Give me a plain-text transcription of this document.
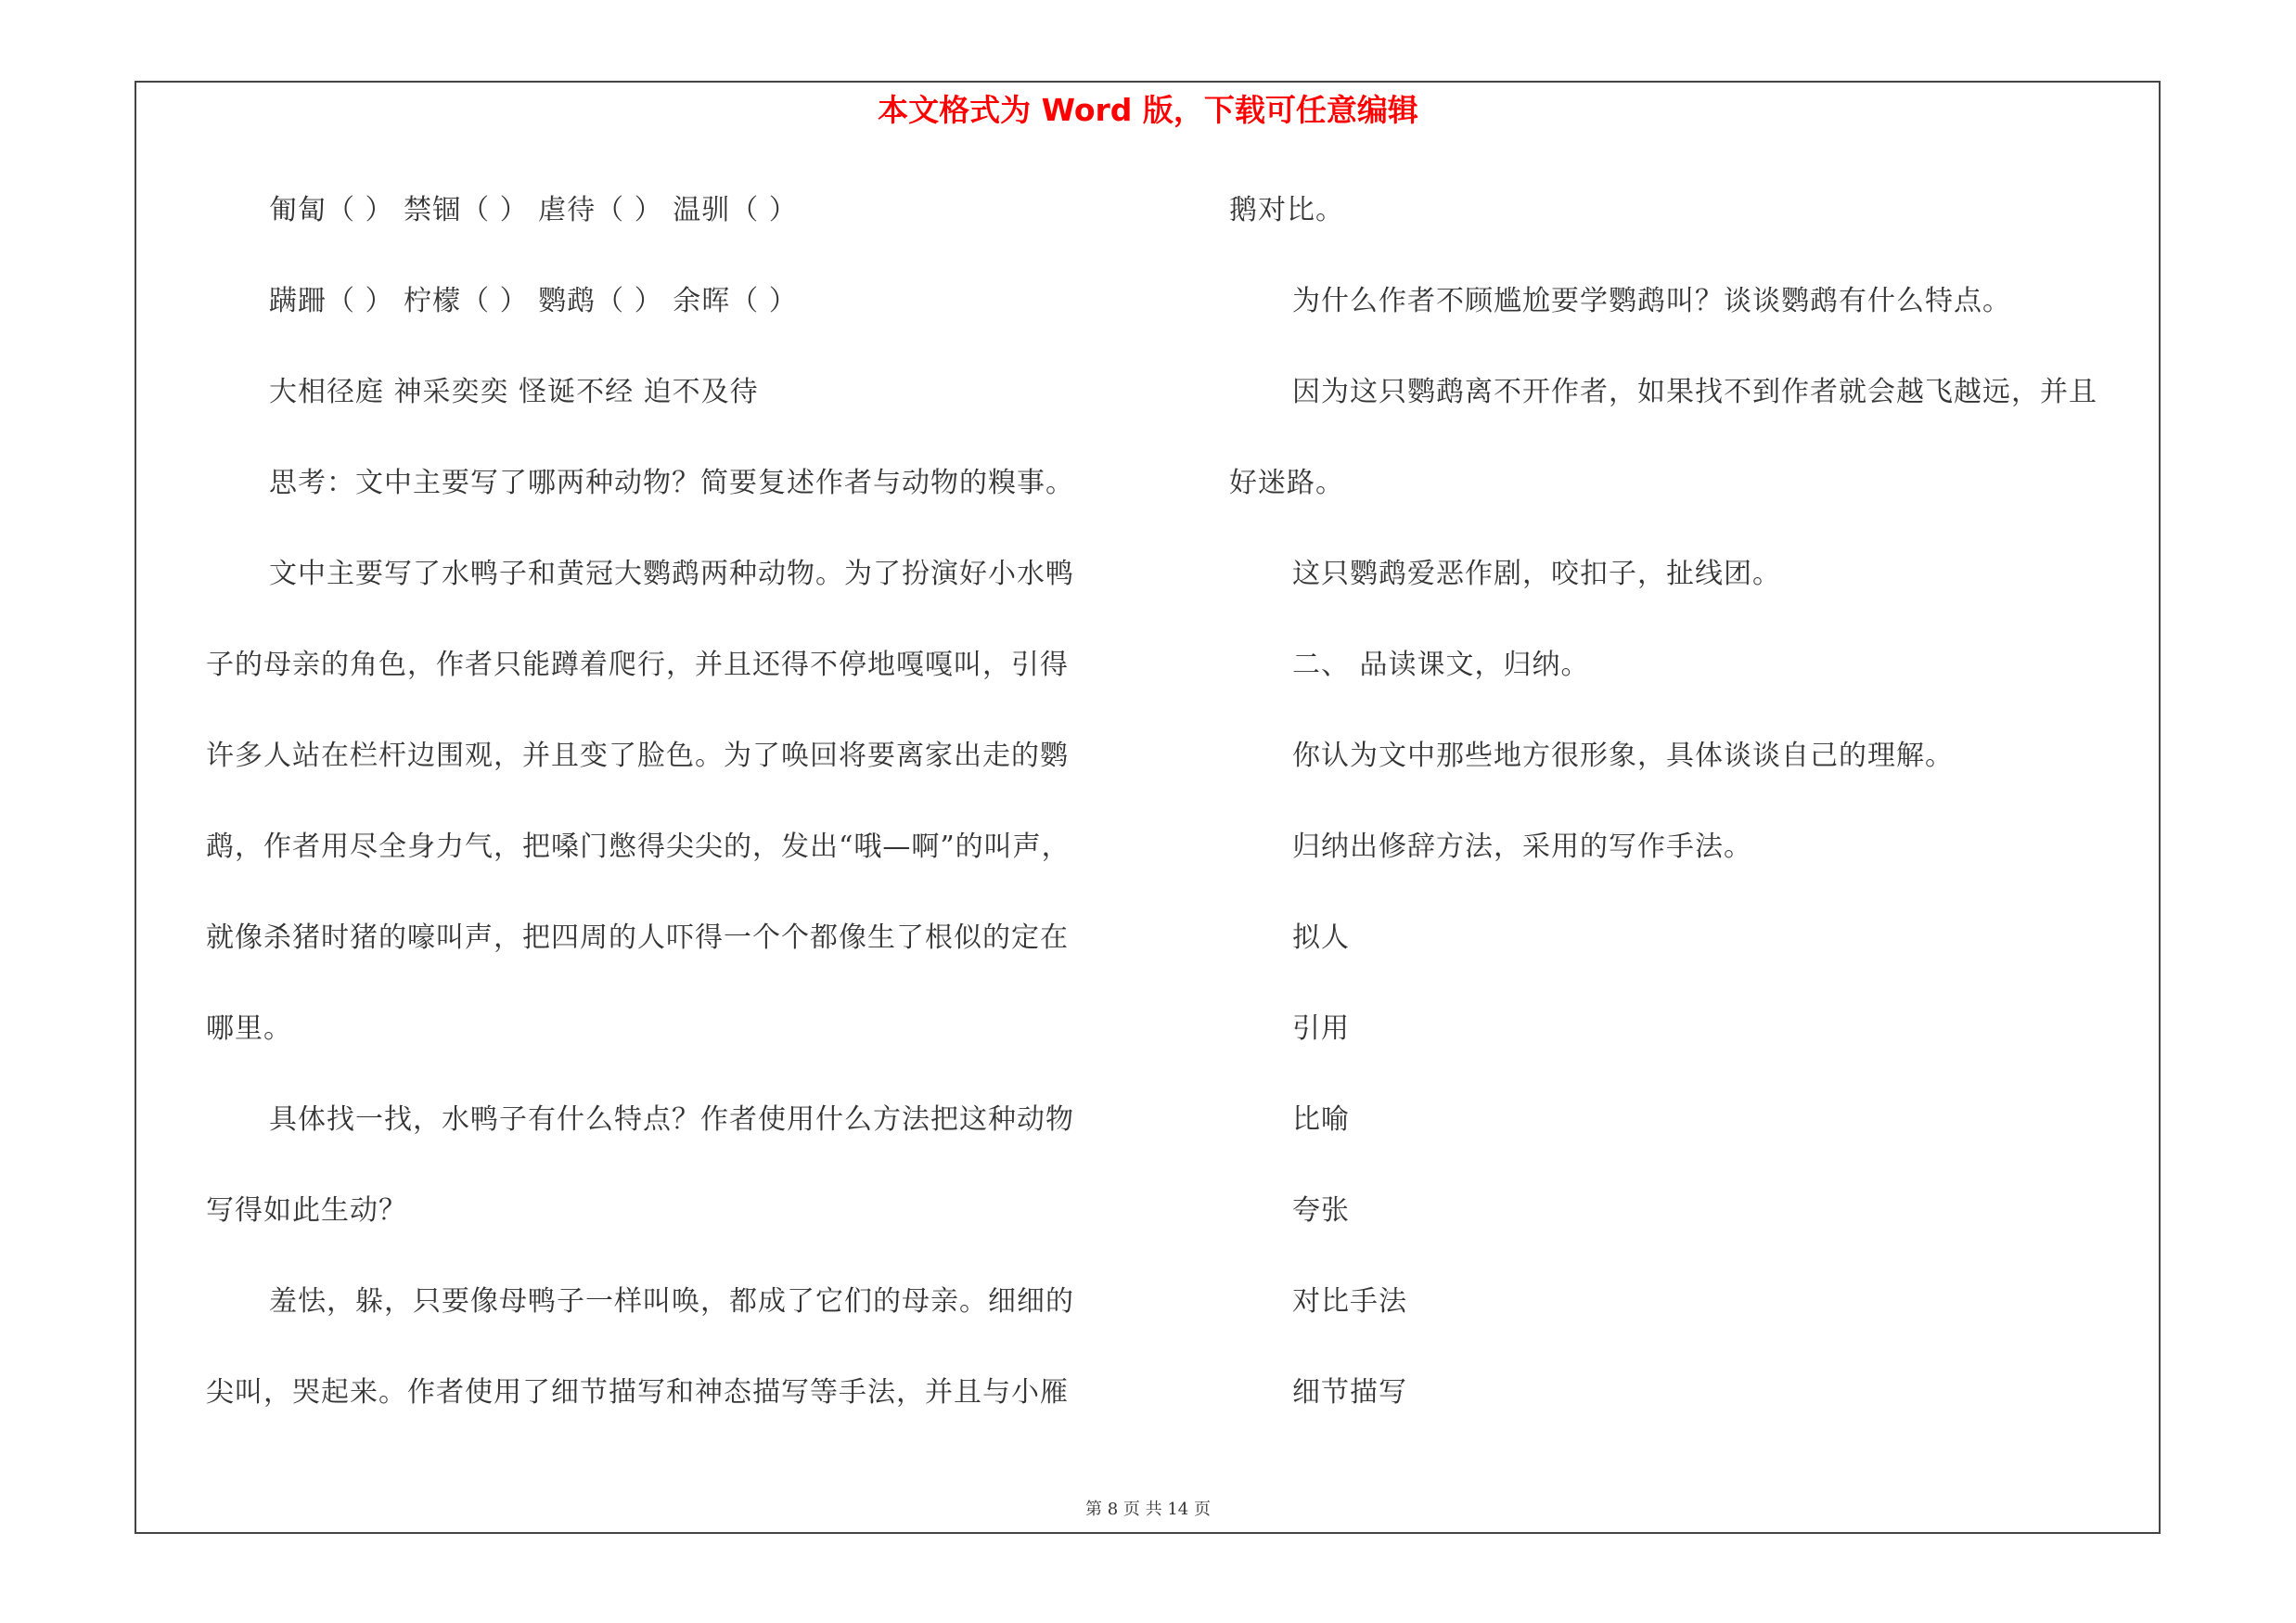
本文格式为 Word 版，下载可任意编辑
匍匐（ ） 禁锢（ ） 虐待（ ） 温驯（ ）
蹒跚（ ） 柠檬（ ） 鹦鹉（ ） 余晖（ ）
大相径庭 神采奕奕 怪诞不经 迫不及待
思考：文中主要写了哪两种动物？简要复述作者与动物的糗事。
文中主要写了水鸭子和黄冠大鹦鹉两种动物。为了扮演好小水鸭
子的母亲的角色，作者只能蹲着爬行，并且还得不停地嘎嘎叫，引得
许多人站在栏杆边围观，并且变了脸色。为了唤回将要离家出走的鹦
鹉，作者用尽全身力气，把嗓门憋得尖尖的，发出“哦—啊”的叫声，
就像杀猪时猪的嚎叫声，把四周的人吓得一个个都像生了根似的定在
哪里。
具体找一找，水鸭子有什么特点？作者使用什么方法把这种动物
写得如此生动？
羞怯，躲，只要像母鸭子一样叫唤，都成了它们的母亲。细细的
尖叫，哭起来。作者使用了细节描写和神态描写等手法，并且与小雁
鹅对比。
为什么作者不顾尴尬要学鹦鹉叫？谈谈鹦鹉有什么特点。
因为这只鹦鹉离不开作者，如果找不到作者就会越飞越远，并且
好迷路。
这只鹦鹉爱恶作剧，咬扣子，扯线团。
二、 品读课文，归纳。
你认为文中那些地方很形象，具体谈谈自己的理解。
归纳出修辞方法，采用的写作手法。
拟人
引用
比喻
夸张
对比手法
细节描写
第 8 页 共 14 页
